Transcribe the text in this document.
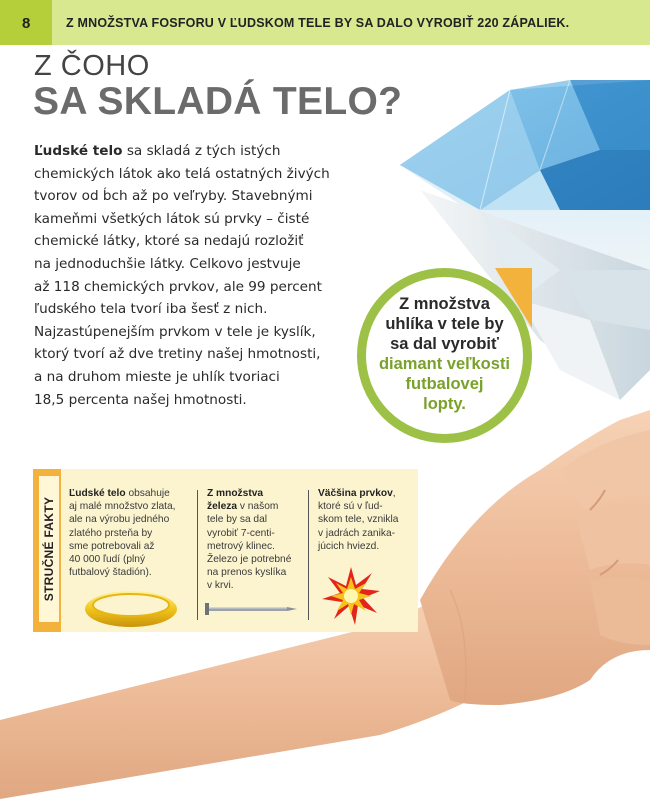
8	Z MNOŽSTVA FOSFORU V ĽUDSKOM TELE BY SA DALO VYROBIŤ 220 ZÁPALIEK.
Z ČOHO
SA SKLADÁ TELO?
Ľudské telo sa skladá z tých istých
chemických látok ako telá ostatných živých
tvorov od b́ch až po veľryby. Stavebnými
kameňmi všetkých látok sú prvky – čisté
chemické látky, ktoré sa nedajú rozložiť
na jednoduchšie látky. Celkovo jestvuje
až 118 chemických prvkov, ale 99 percent
ľudského tela tvorí iba šesť z nich.
Najzastúpenejším prvkom v tele je kyslík,
ktorý tvorí až dve tretiny našej hmotnosti,
a na druhom mieste je uhlík tvoriaci
18,5 percenta našej hmotnosti.
Z množstva
uhlíka v tele by
sa dal vyrobiť
diamant veľkosti
futbalovej
lopty.
STRUČNÉ FAKTY
Ľudské telo obsahuje
aj malé množstvo zlata,
ale na výrobu jedného
zlatého prsteňa by
sme potrebovali až
40 000 ľudí (plný
futbalový štadión).
Z množstva
železa v našom
tele by sa dal
vyrobiť 7-centi-
metrový klinec.
Železo je potrebné
na prenos kyslíka
v krvi.
Väčšina prvkov,
ktoré sú v ľud-
skom tele, vznikla
v jadrách zanika-
júcich hviezd.
